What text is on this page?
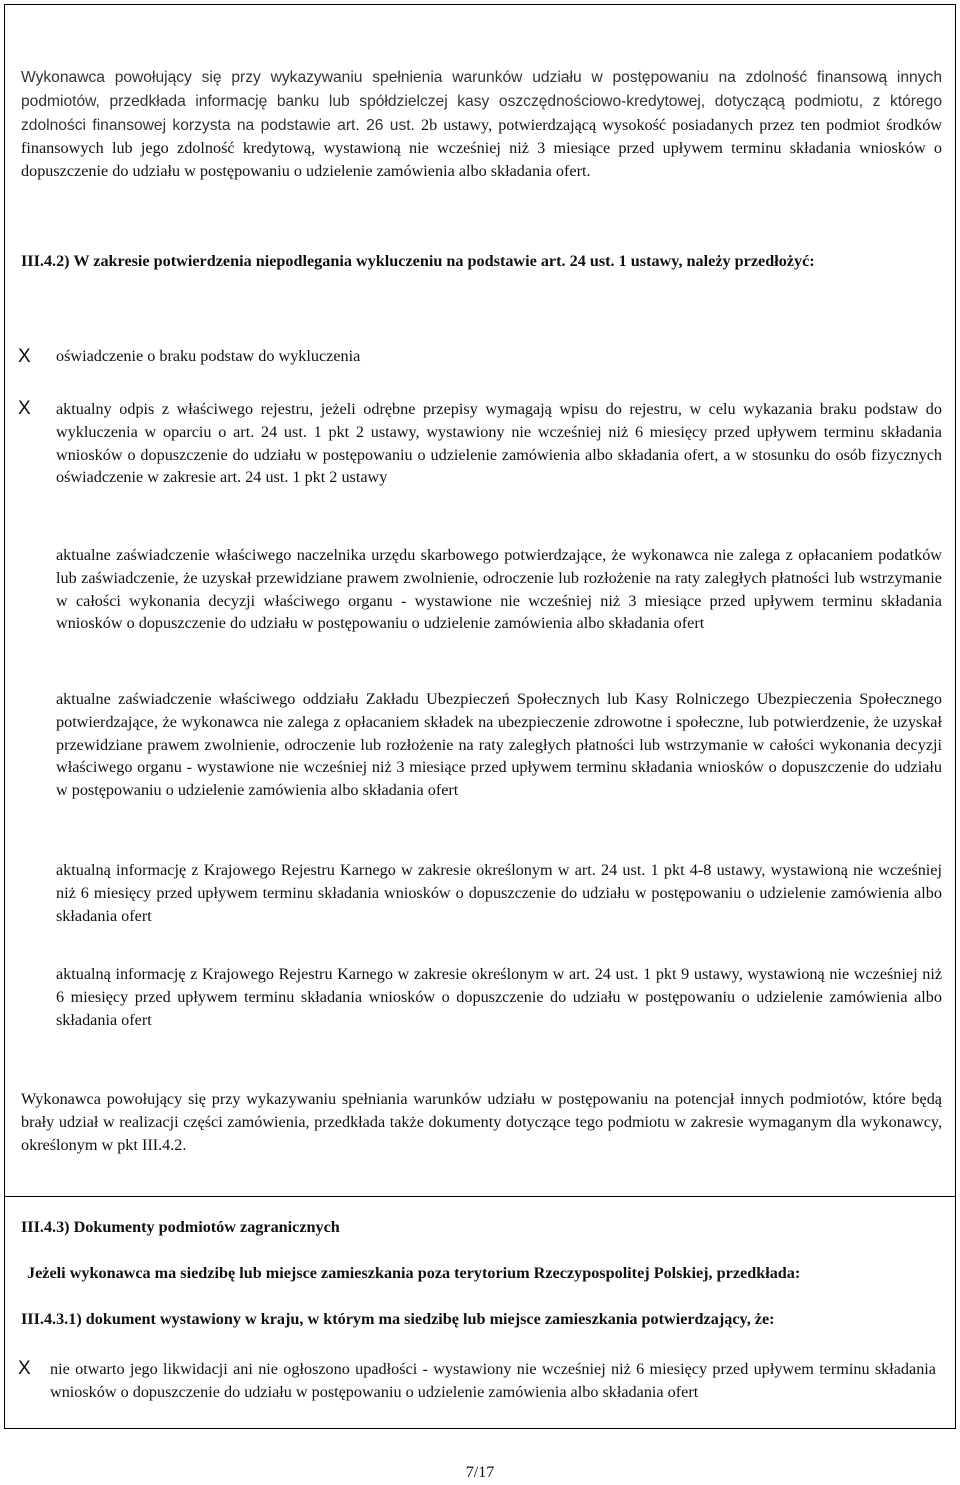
Wykonawca powołujący się przy wykazywaniu spełnienia warunków udziału w postępowaniu na zdolność finansową innych podmiotów, przedkłada informację banku lub spółdzielczej kasy oszczędnościowo-kredytowej, dotyczącą podmiotu, z którego zdolności finansowej korzysta na podstawie art. 26 ust. 2b ustawy, potwierdzającą wysokość posiadanych przez ten podmiot środków finansowych lub jego zdolność kredytową, wystawioną nie wcześniej niż 3 miesiące przed upływem terminu składania wniosków o dopuszczenie do udziału w postępowaniu o udzielenie zamówienia albo składania ofert.

III.4.2) W zakresie potwierdzenia niepodlegania wykluczeniu na podstawie art. 24 ust. 1 ustawy, należy przedłożyć:

X oświadczenie o braku podstaw do wykluczenia

X aktualny odpis z właściwego rejestru, jeżeli odrębne przepisy wymagają wpisu do rejestru, w celu wykazania braku podstaw do wykluczenia w oparciu o art. 24 ust. 1 pkt 2 ustawy, wystawiony nie wcześniej niż 6 miesięcy przed upływem terminu składania wniosków o dopuszczenie do udziału w postępowaniu o udzielenie zamówienia albo składania ofert, a w stosunku do osób fizycznych oświadczenie w zakresie art. 24 ust. 1 pkt 2 ustawy

aktualne zaświadczenie właściwego naczelnika urzędu skarbowego potwierdzające, że wykonawca nie zalega z opłacaniem podatków lub zaświadczenie, że uzyskał przewidziane prawem zwolnienie, odroczenie lub rozłożenie na raty zaległych płatności lub wstrzymanie w całości wykonania decyzji właściwego organu - wystawione nie wcześniej niż 3 miesiące przed upływem terminu składania wniosków o dopuszczenie do udziału w postępowaniu o udzielenie zamówienia albo składania ofert

aktualne zaświadczenie właściwego oddziału Zakładu Ubezpieczeń Społecznych lub Kasy Rolniczego Ubezpieczenia Społecznego potwierdzające, że wykonawca nie zalega z opłacaniem składek na ubezpieczenie zdrowotne i społeczne, lub potwierdzenie, że uzyskał przewidziane prawem zwolnienie, odroczenie lub rozłożenie na raty zaległych płatności lub wstrzymanie w całości wykonania decyzji właściwego organu - wystawione nie wcześniej niż 3 miesiące przed upływem terminu składania wniosków o dopuszczenie do udziału w postępowaniu o udzielenie zamówienia albo składania ofert

aktualną informację z Krajowego Rejestru Karnego w zakresie określonym w art. 24 ust. 1 pkt 4-8 ustawy, wystawioną nie wcześniej niż 6 miesięcy przed upływem terminu składania wniosków o dopuszczenie do udziału w postępowaniu o udzielenie zamówienia albo składania ofert

aktualną informację z Krajowego Rejestru Karnego w zakresie określonym w art. 24 ust. 1 pkt 9 ustawy, wystawioną nie wcześniej niż 6 miesięcy przed upływem terminu składania wniosków o dopuszczenie do udziału w postępowaniu o udzielenie zamówienia albo składania ofert

Wykonawca powołujący się przy wykazywaniu spełniania warunków udziału w postępowaniu na potencjał innych podmiotów, które będą brały udział w realizacji części zamówienia, przedkłada także dokumenty dotyczące tego podmiotu w zakresie wymaganym dla wykonawcy, określonym w pkt III.4.2.

III.4.3) Dokumenty podmiotów zagranicznych

Jeżeli wykonawca ma siedzibę lub miejsce zamieszkania poza terytorium Rzeczypospolitej Polskiej, przedkłada:

III.4.3.1) dokument wystawiony w kraju, w którym ma siedzibę lub miejsce zamieszkania potwierdzający, że:

X nie otwarto jego likwidacji ani nie ogłoszono upadłości - wystawiony nie wcześniej niż 6 miesięcy przed upływem terminu składania wniosków o dopuszczenie do udziału w postępowaniu o udzielenie zamówienia albo składania ofert

7/17
